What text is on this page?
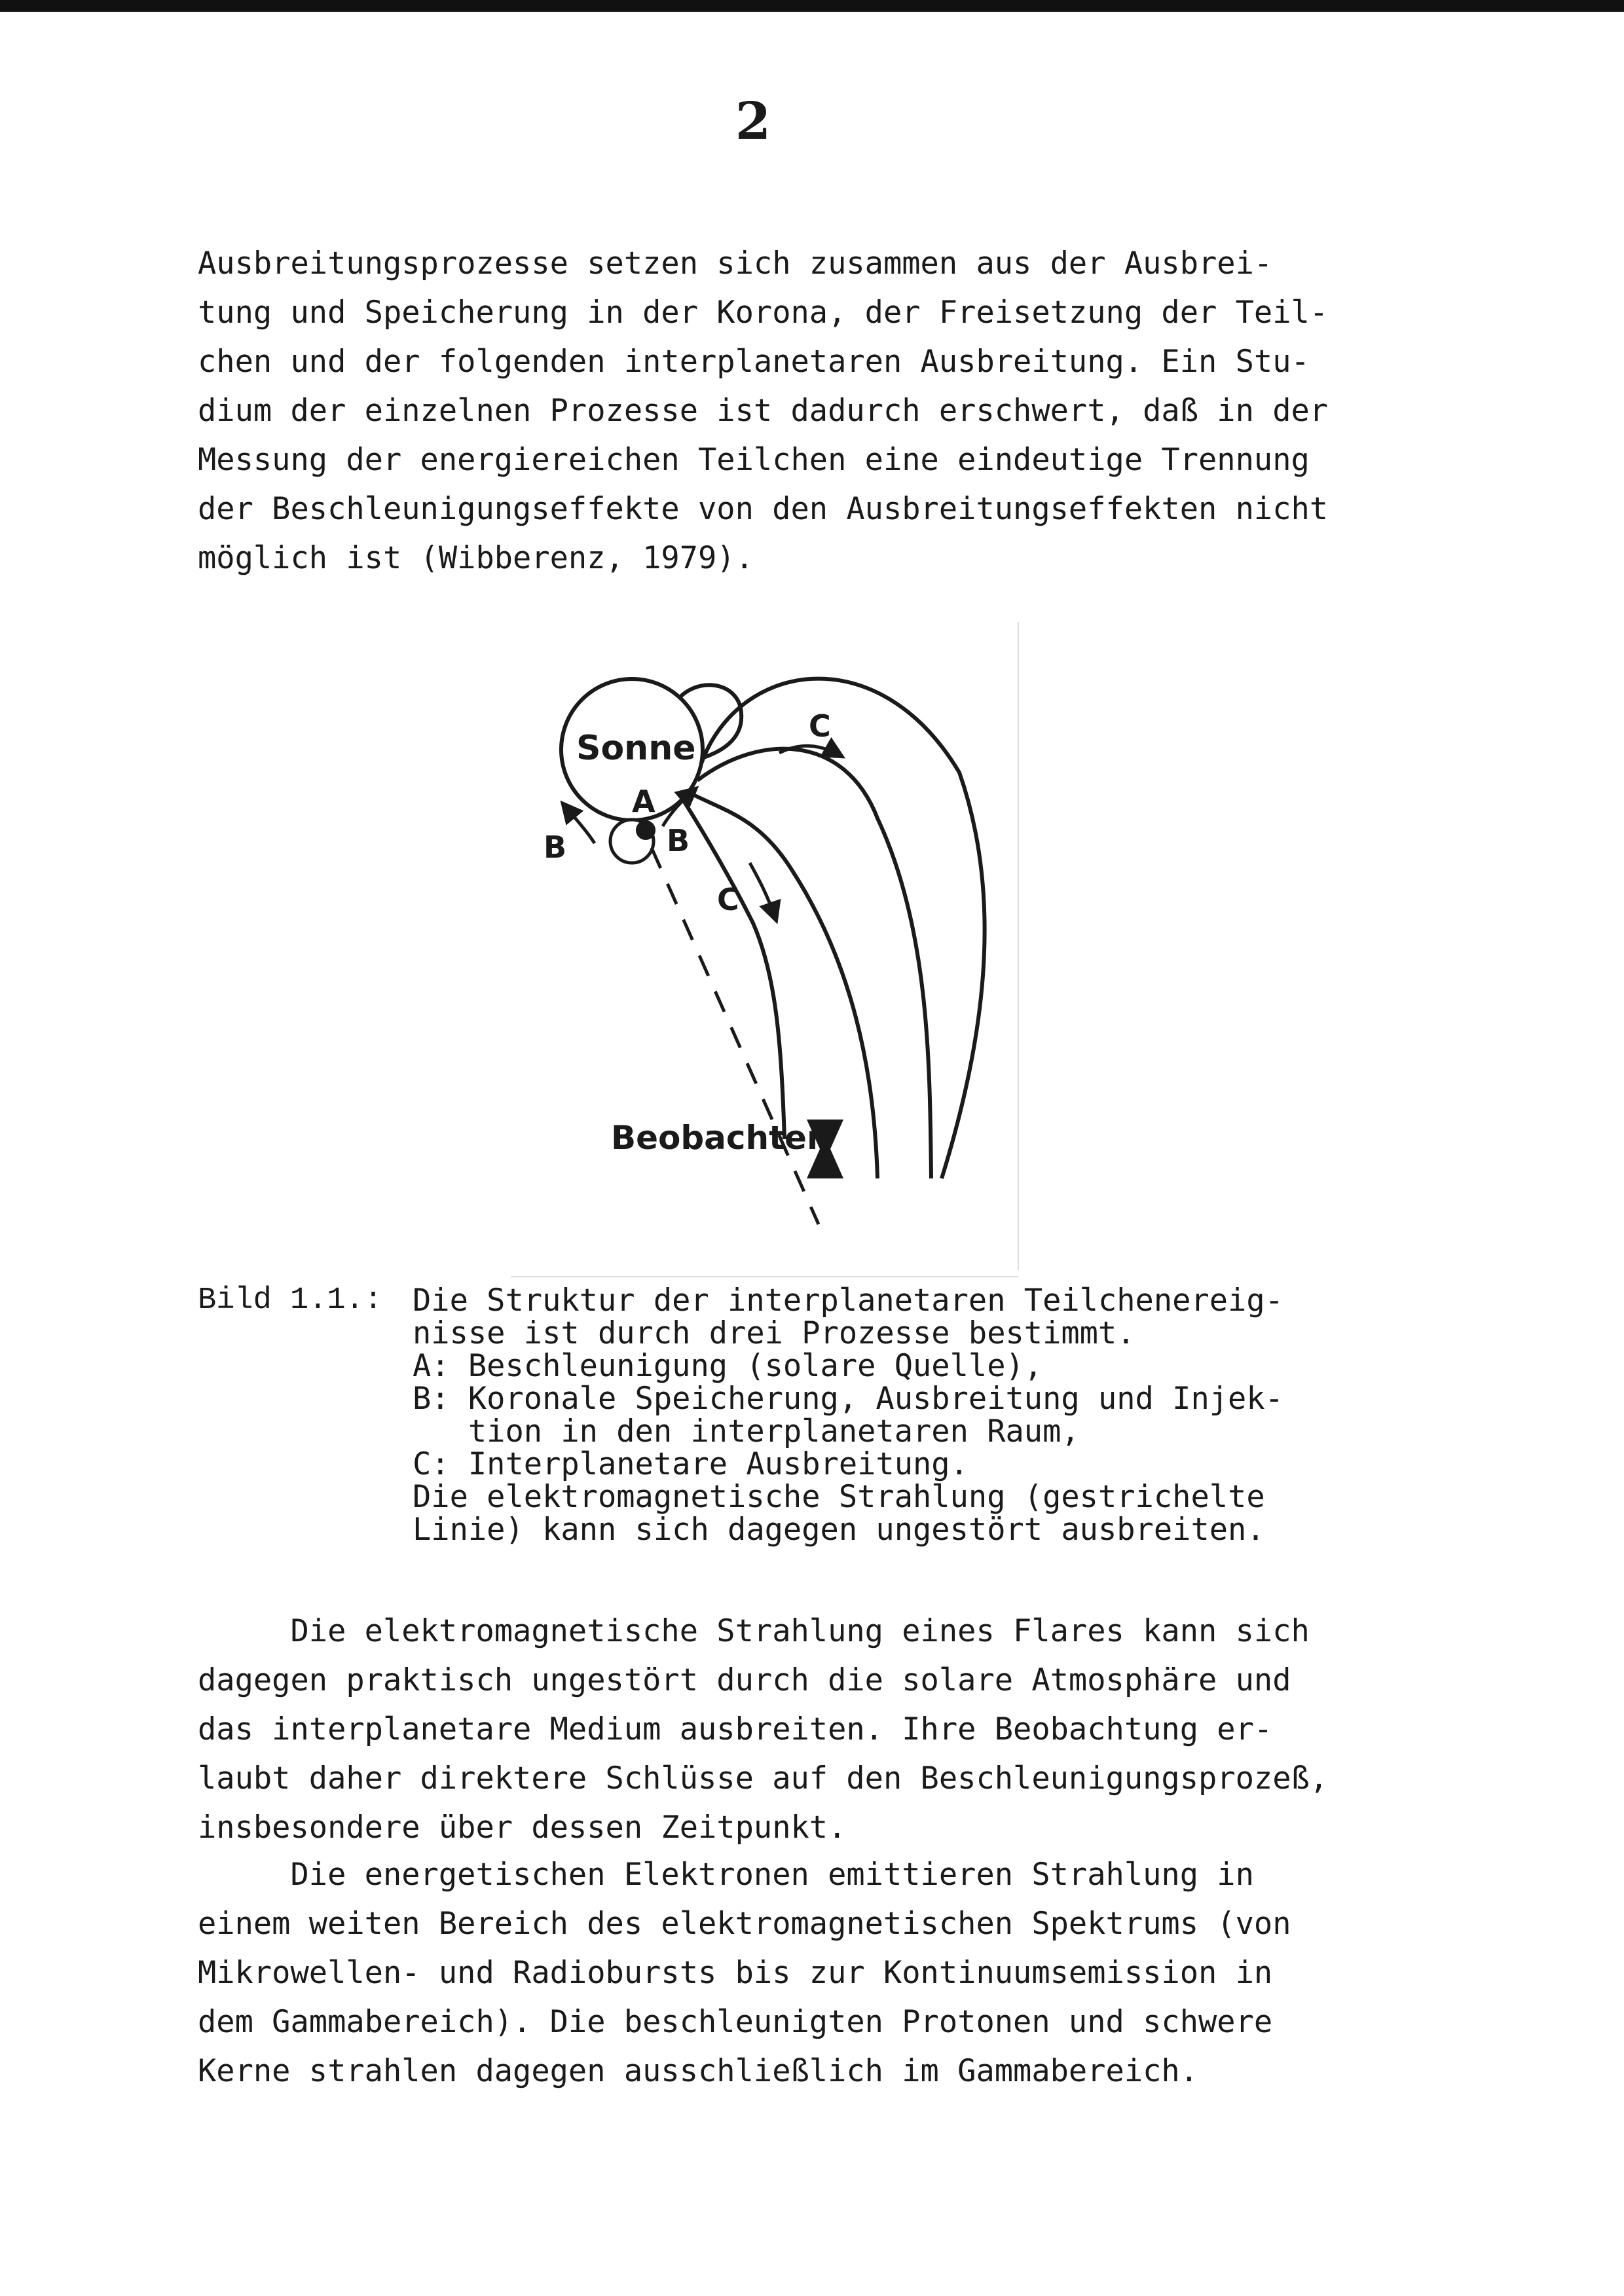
2
Ausbreitungsprozesse setzen sich zusammen aus der Ausbrei-
tung und Speicherung in der Korona, der Freisetzung der Teil-
chen und der folgenden interplanetaren Ausbreitung. Ein Stu-
dium der einzelnen Prozesse ist dadurch erschwert, daß in der
Messung der energiereichen Teilchen eine eindeutige Trennung
der Beschleunigungseffekte von den Ausbreitungseffekten nicht
möglich ist (Wibberenz, 1979).
Sonne
A
B	B
C
C
Beobachter
Bild 1.1.: Die Struktur der interplanetaren Teilchenereig-
nisse ist durch drei Prozesse bestimmt.
A: Beschleunigung (solare Quelle),
B: Koronale Speicherung, Ausbreitung und Injek-
tion in den interplanetaren Raum,
C: Interplanetare Ausbreitung.
Die elektromagnetische Strahlung (gestrichelte
Linie) kann sich dagegen ungestört ausbreiten.
Die elektromagnetische Strahlung eines Flares kann sich
dagegen praktisch ungestört durch die solare Atmosphäre und
das interplanetare Medium ausbreiten. Ihre Beobachtung er-
laubt daher direktere Schlüsse auf den Beschleunigungsprozeß,
insbesondere über dessen Zeitpunkt.
Die energetischen Elektronen emittieren Strahlung in
einem weiten Bereich des elektromagnetischen Spektrums (von
Mikrowellen- und Radiobursts bis zur Kontinuumsemission in
dem Gammabereich). Die beschleunigten Protonen und schwere
Kerne strahlen dagegen ausschließlich im Gammabereich.
